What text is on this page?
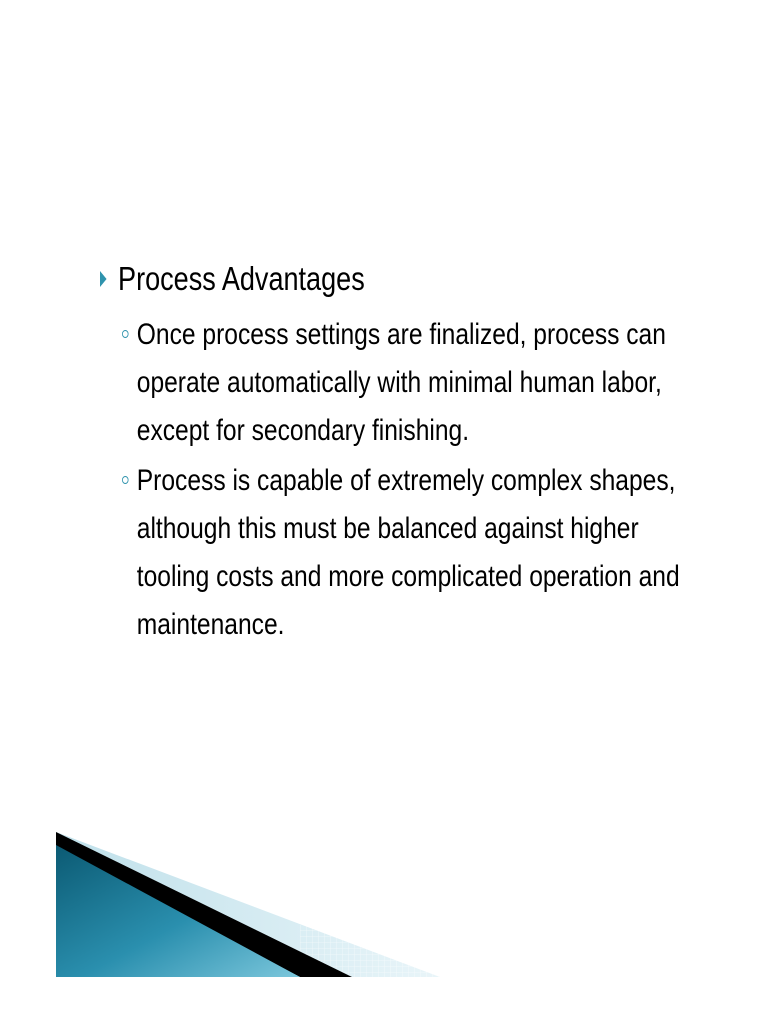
Process Advantages
Once process settings are finalized, process can
operate automatically with minimal human labor,
except for secondary finishing.
Process is capable of extremely complex shapes,
although this must be balanced against higher
tooling costs and more complicated operation and
maintenance.
